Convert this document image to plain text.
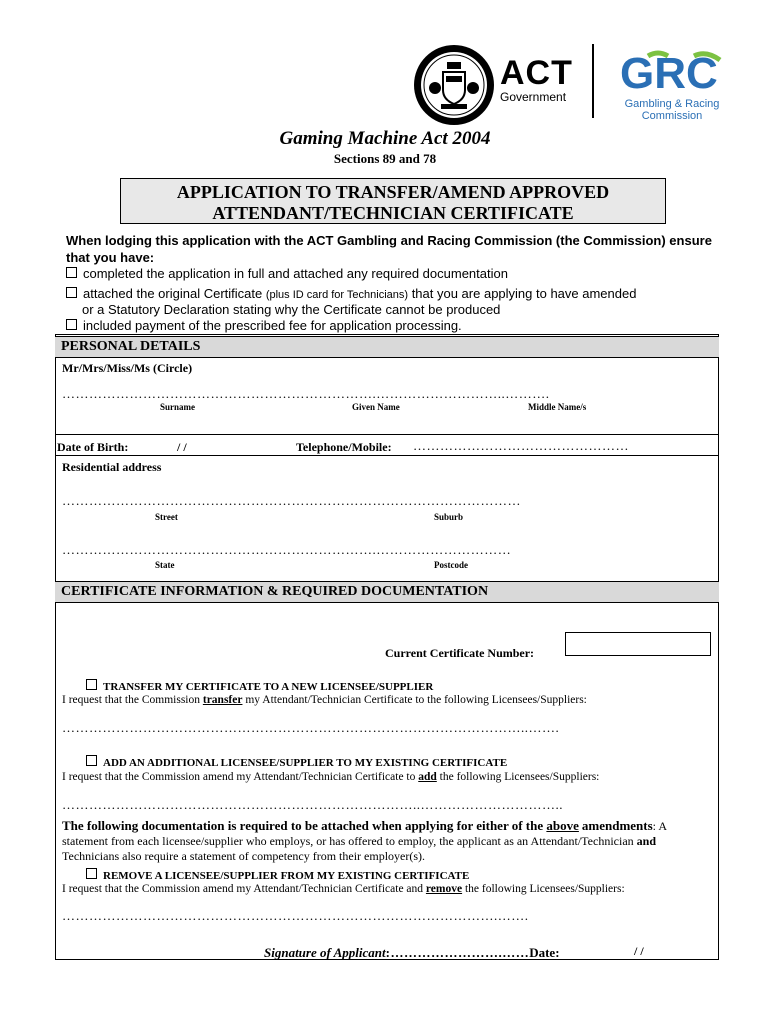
ACT
Government GRC
Gambling & Racing
Commission
Gaming Machine Act 2004
Sections 89 and 78
APPLICATION TO TRANSFER/AMEND APPROVED
ATTENDANT/TECHNICIAN CERTIFICATE
When lodging this application with the ACT Gambling and Racing Commission (the Commission) ensure that you have:
completed the application in full and attached any required documentation
attached the original Certificate (plus ID card for Technicians) that you are applying to have amended
or a Statutory Declaration stating why the Certificate cannot be produced
included payment of the prescribed fee for application processing.
PERSONAL DETAILS
Mr/Mrs/Miss/Ms (Circle)
…………………………………………………………….………………………..……….
Surname	Given Name	Middle Name/s
Date of Birth:	/ /	Telephone/Mobile: …………………………………………
Residential address
…………………………………………………………………………………………
Street	Suburb
…………………………………………………………….…………………………
State	Postcode
CERTIFICATE INFORMATION & REQUIRED DOCUMENTATION
Current Certificate Number:
TRANSFER MY CERTIFICATE TO A NEW LICENSEE/SUPPLIER
I request that the Commission transfer my Attendant/Technician Certificate to the following Licensees/Suppliers:
…………………………………………………………………………………………..…….
ADD AN ADDITIONAL LICENSEE/SUPPLIER TO MY EXISTING CERTIFICATE
I request that the Commission amend my Attendant/Technician Certificate to add the following Licensees/Suppliers:
……………………………………………………………………..…………………………..
The following documentation is required to be attached when applying for either of the above amendments: A statement from each licensee/supplier who employs, or has offered to employ, the applicant as an Attendant/Technician and Technicians also require a statement of competency from their employer(s).
REMOVE A LICENSEE/SUPPLIER FROM MY EXISTING CERTIFICATE
I request that the Commission amend my Attendant/Technician Certificate and remove the following Licensees/Suppliers:
…………………………………………………………………………………….…….
Signature of Applicant:…………………….……Date:	/ /
